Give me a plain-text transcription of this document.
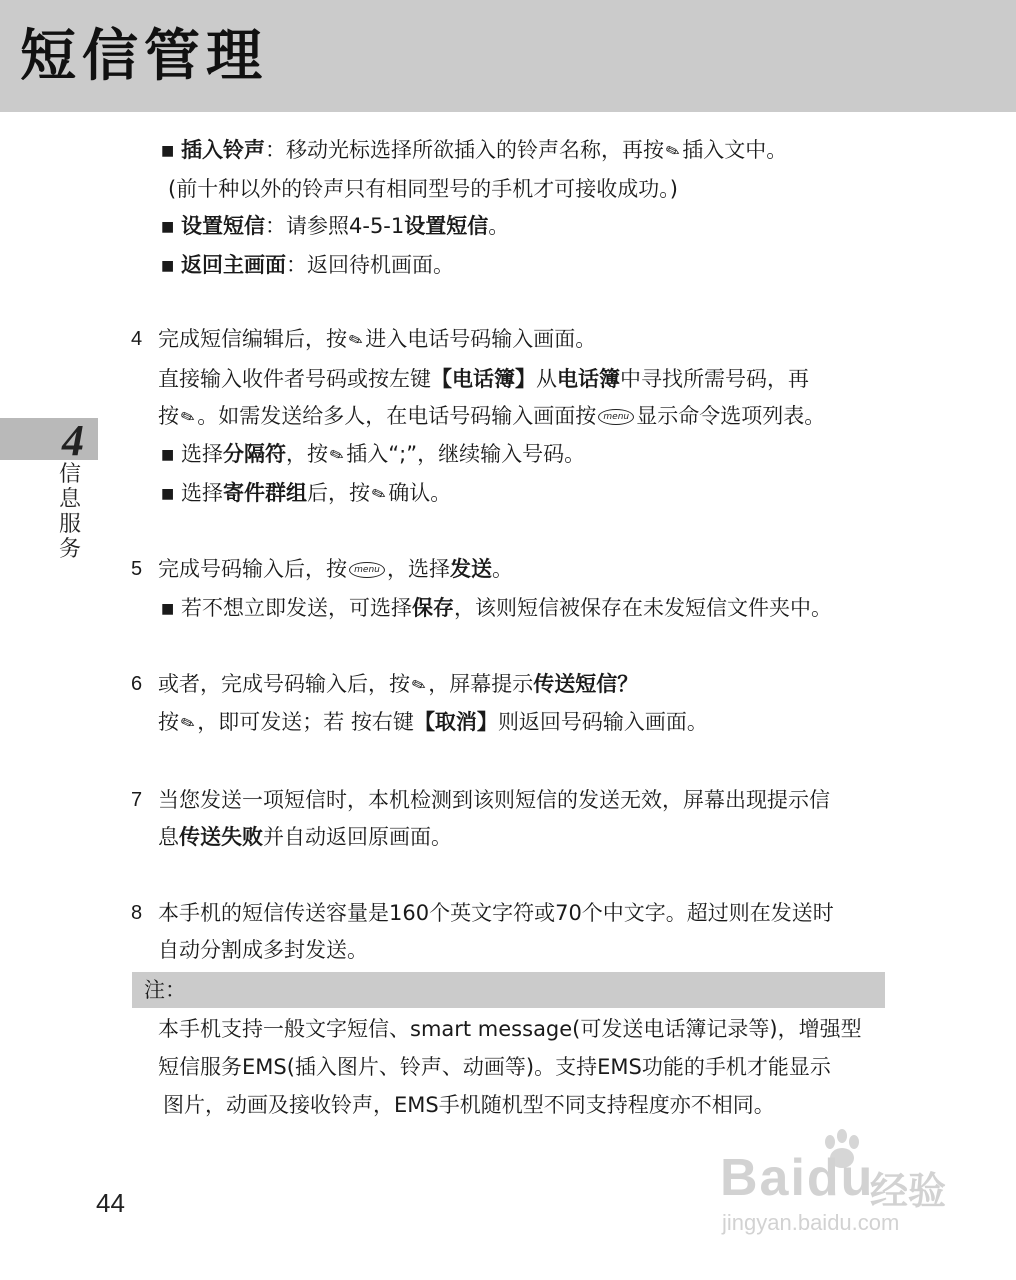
短信管理
4
信息服务
■ 插入铃声：移动光标选择所欲插入的铃声名称，再按✎插入文中。
(前十种以外的铃声只有相同型号的手机才可接收成功。)
■ 设置短信：请参照4-5-1设置短信。
■ 返回主画面：返回待机画面。
4 完成短信编辑后，按✎进入电话号码输入画面。
直接输入收件者号码或按左键【电话簿】从电话簿中寻找所需号码，再
按✎。如需发送给多人，在电话号码输入画面按 menu 显示命令选项列表。
■ 选择分隔符，按✎插入“;”，继续输入号码。
■ 选择寄件群组后，按✎确认。
5 完成号码输入后，按 menu ，选择发送。
■ 若不想立即发送，可选择保存，该则短信被保存在未发短信文件夹中。
6 或者，完成号码输入后，按✎，屏幕提示传送短信？
按✎，即可发送；若 按右键【取消】则返回号码输入画面。
7 当您发送一项短信时，本机检测到该则短信的发送无效，屏幕出现提示信
息传送失败并自动返回原画面。
8 本手机的短信传送容量是160个英文字符或70个中文字。超过则在发送时
自动分割成多封发送。
注：
本手机支持一般文字短信、smart message(可发送电话簿记录等)，增强型
短信服务EMS(插入图片、铃声、动画等)。支持EMS功能的手机才能显示
图片，动画及接收铃声，EMS手机随机型不同支持程度亦不相同。
44	Baidu
经验
jingyan.baidu.com
